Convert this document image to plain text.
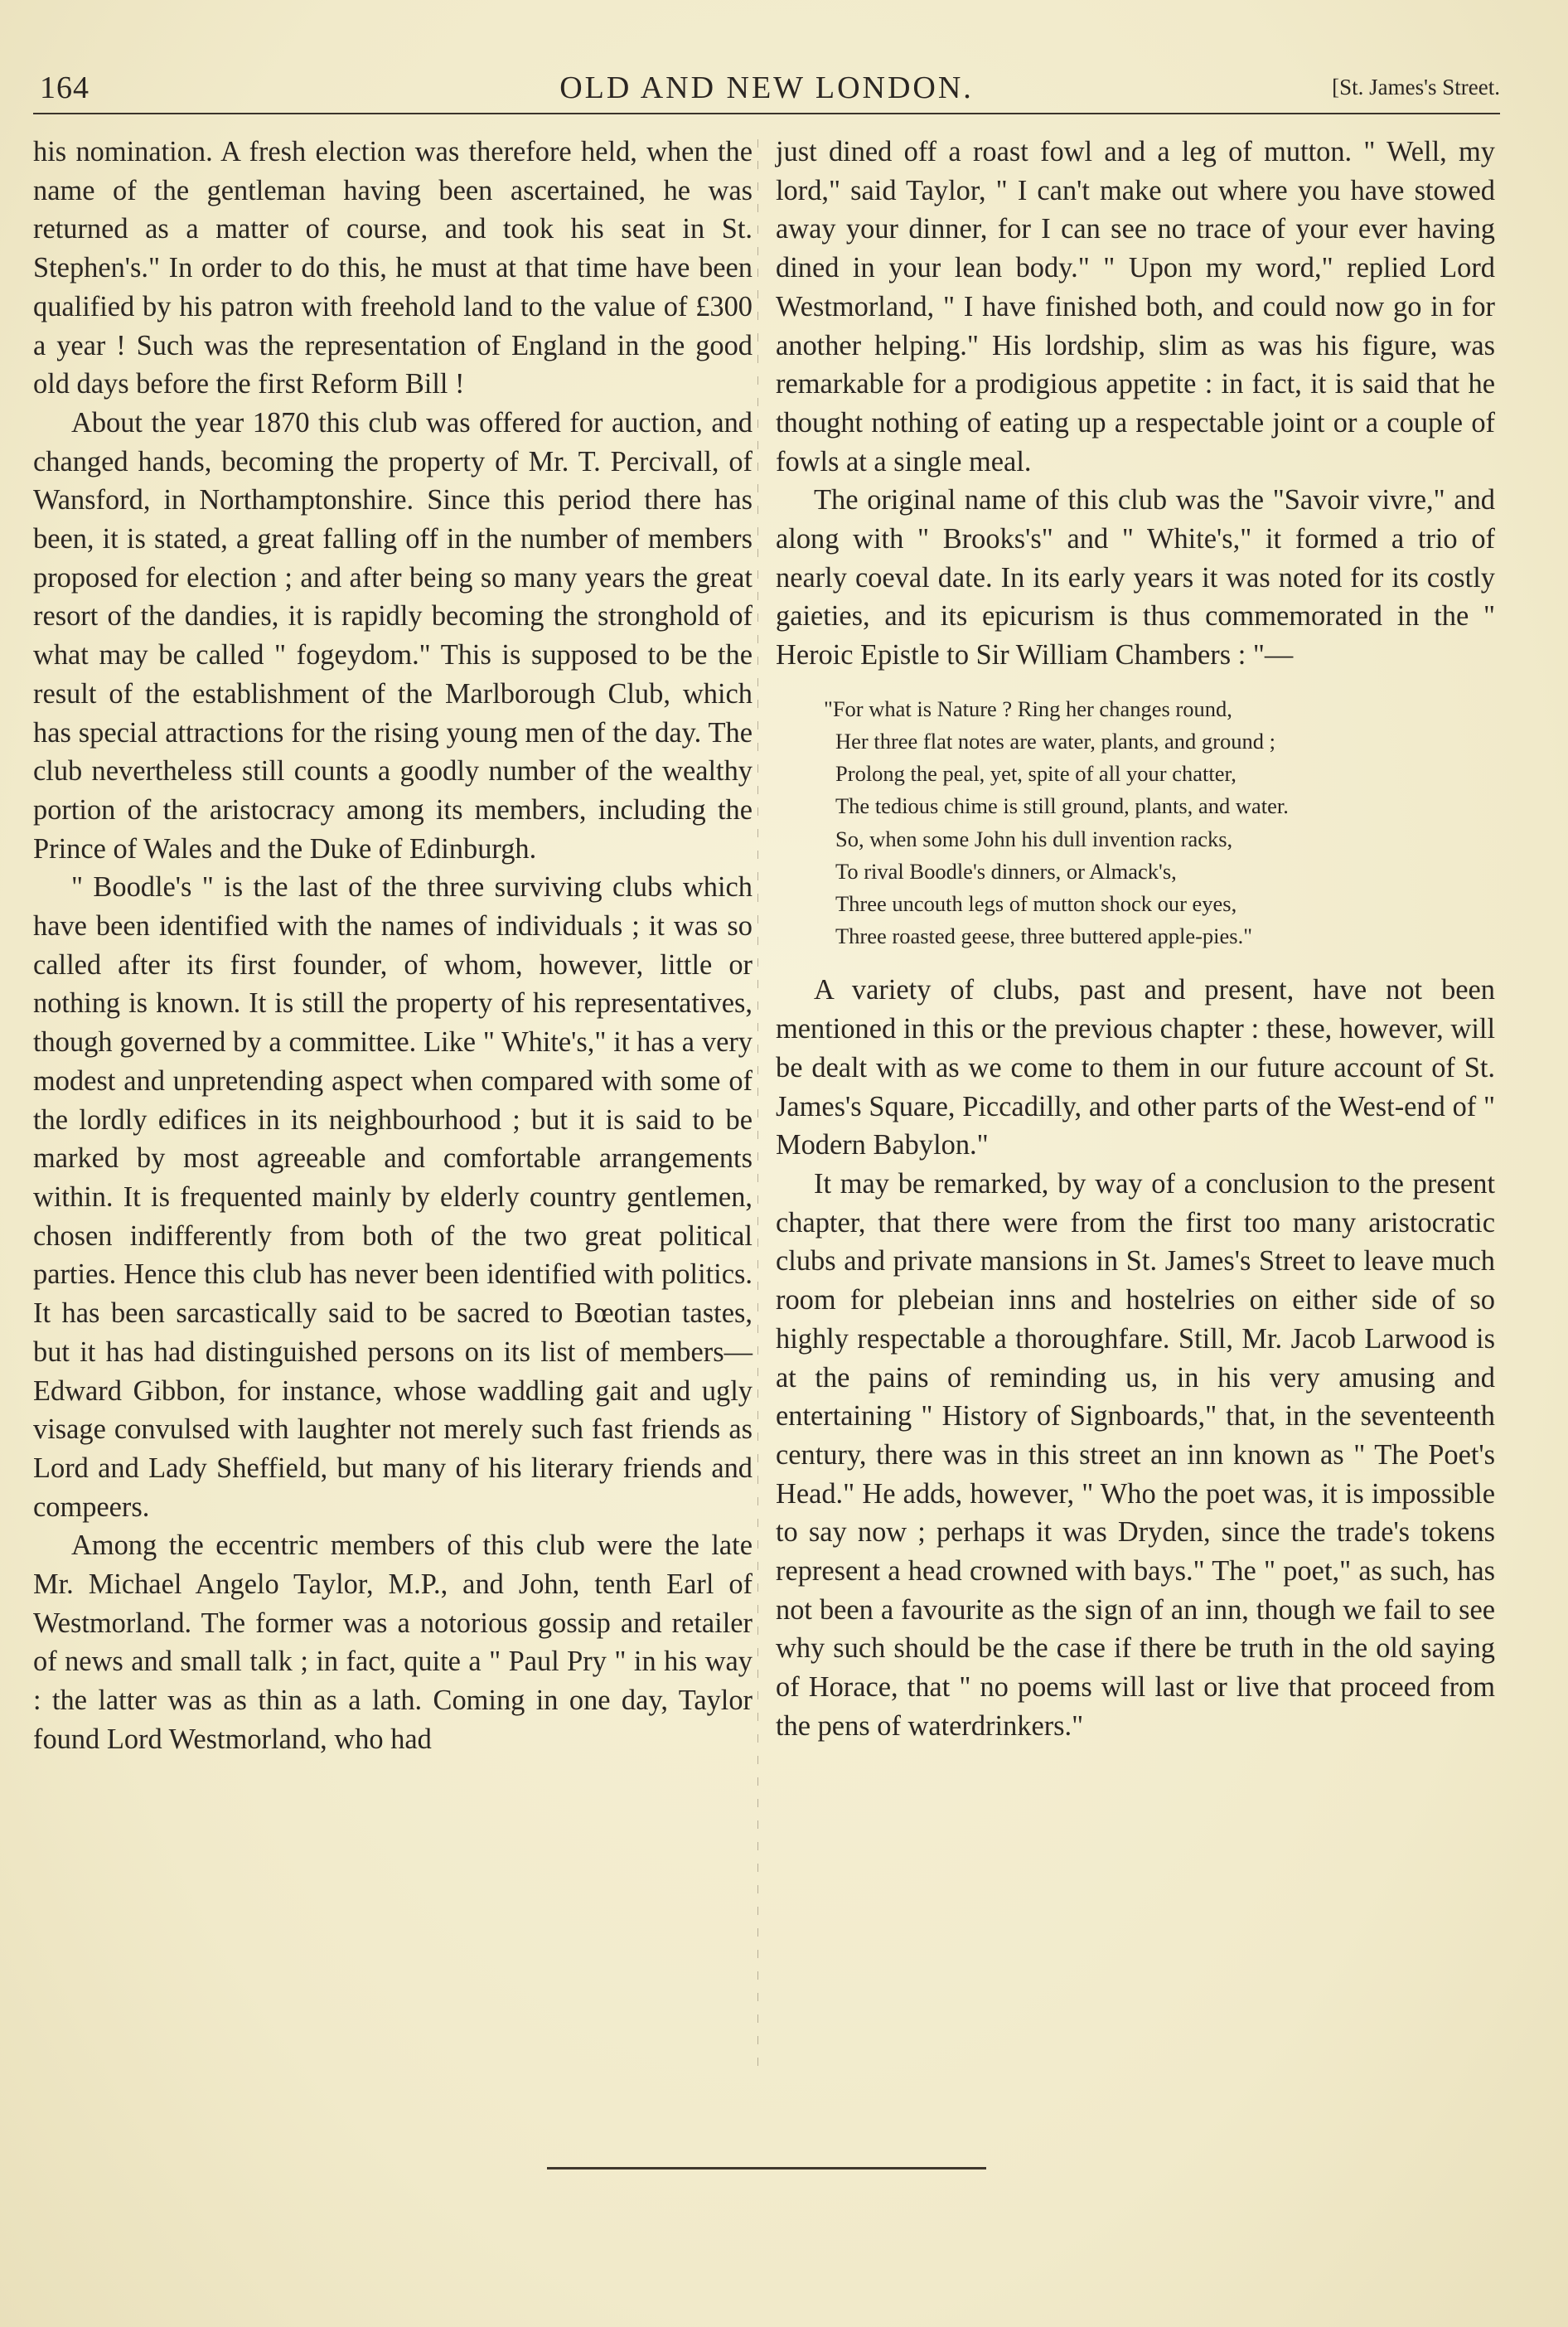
164	OLD AND NEW LONDON.	[St. James's Street.

his nomination. A fresh election was therefore held, when the name of the gentleman having been ascertained, he was returned as a matter of course, and took his seat in St. Stephen's." In order to do this, he must at that time have been qualified by his patron with freehold land to the value of £300 a year ! Such was the representation of England in the good old days before the first Reform Bill !

About the year 1870 this club was offered for auction, and changed hands, becoming the property of Mr. T. Percivall, of Wansford, in Northamptonshire. Since this period there has been, it is stated, a great falling off in the number of members proposed for election ; and after being so many years the great resort of the dandies, it is rapidly becoming the stronghold of what may be called " fogeydom." This is supposed to be the result of the establishment of the Marlborough Club, which has special attractions for the rising young men of the day. The club nevertheless still counts a goodly number of the wealthy portion of the aristocracy among its members, including the Prince of Wales and the Duke of Edinburgh.

" Boodle's " is the last of the three surviving clubs which have been identified with the names of individuals ; it was so called after its first founder, of whom, however, little or nothing is known. It is still the property of his representatives, though governed by a committee. Like " White's," it has a very modest and unpretending aspect when compared with some of the lordly edifices in its neighbourhood ; but it is said to be marked by most agreeable and comfortable arrangements within. It is frequented mainly by elderly country gentlemen, chosen indifferently from both of the two great political parties. Hence this club has never been identified with politics. It has been sarcastically said to be sacred to Bœotian tastes, but it has had distinguished persons on its list of members— Edward Gibbon, for instance, whose waddling gait and ugly visage convulsed with laughter not merely such fast friends as Lord and Lady Sheffield, but many of his literary friends and compeers.

Among the eccentric members of this club were the late Mr. Michael Angelo Taylor, M.P., and John, tenth Earl of Westmorland. The former was a notorious gossip and retailer of news and small talk ; in fact, quite a " Paul Pry " in his way : the latter was as thin as a lath. Coming in one day, Taylor found Lord Westmorland, who had

just dined off a roast fowl and a leg of mutton. " Well, my lord," said Taylor, " I can't make out where you have stowed away your dinner, for I can see no trace of your ever having dined in your lean body." " Upon my word," replied Lord Westmorland, " I have finished both, and could now go in for another helping." His lordship, slim as was his figure, was remarkable for a prodigious appetite : in fact, it is said that he thought nothing of eating up a respectable joint or a couple of fowls at a single meal.

The original name of this club was the "Savoir vivre," and along with " Brooks's" and " White's," it formed a trio of nearly coeval date. In its early years it was noted for its costly gaieties, and its epicurism is thus commemorated in the " Heroic Epistle to Sir William Chambers : "—

"For what is Nature ? Ring her changes round,
Her three flat notes are water, plants, and ground ;
Prolong the peal, yet, spite of all your chatter,
The tedious chime is still ground, plants, and water.
So, when some John his dull invention racks,
To rival Boodle's dinners, or Almack's,
Three uncouth legs of mutton shock our eyes,
Three roasted geese, three buttered apple-pies."

A variety of clubs, past and present, have not been mentioned in this or the previous chapter : these, however, will be dealt with as we come to them in our future account of St. James's Square, Piccadilly, and other parts of the West-end of " Modern Babylon."

It may be remarked, by way of a conclusion to the present chapter, that there were from the first too many aristocratic clubs and private mansions in St. James's Street to leave much room for plebeian inns and hostelries on either side of so highly respectable a thoroughfare. Still, Mr. Jacob Larwood is at the pains of reminding us, in his very amusing and entertaining " History of Signboards," that, in the seventeenth century, there was in this street an inn known as " The Poet's Head." He adds, however, " Who the poet was, it is impossible to say now ; perhaps it was Dryden, since the trade's tokens represent a head crowned with bays." The " poet," as such, has not been a favourite as the sign of an inn, though we fail to see why such should be the case if there be truth in the old saying of Horace, that " no poems will last or live that proceed from the pens of waterdrinkers."
